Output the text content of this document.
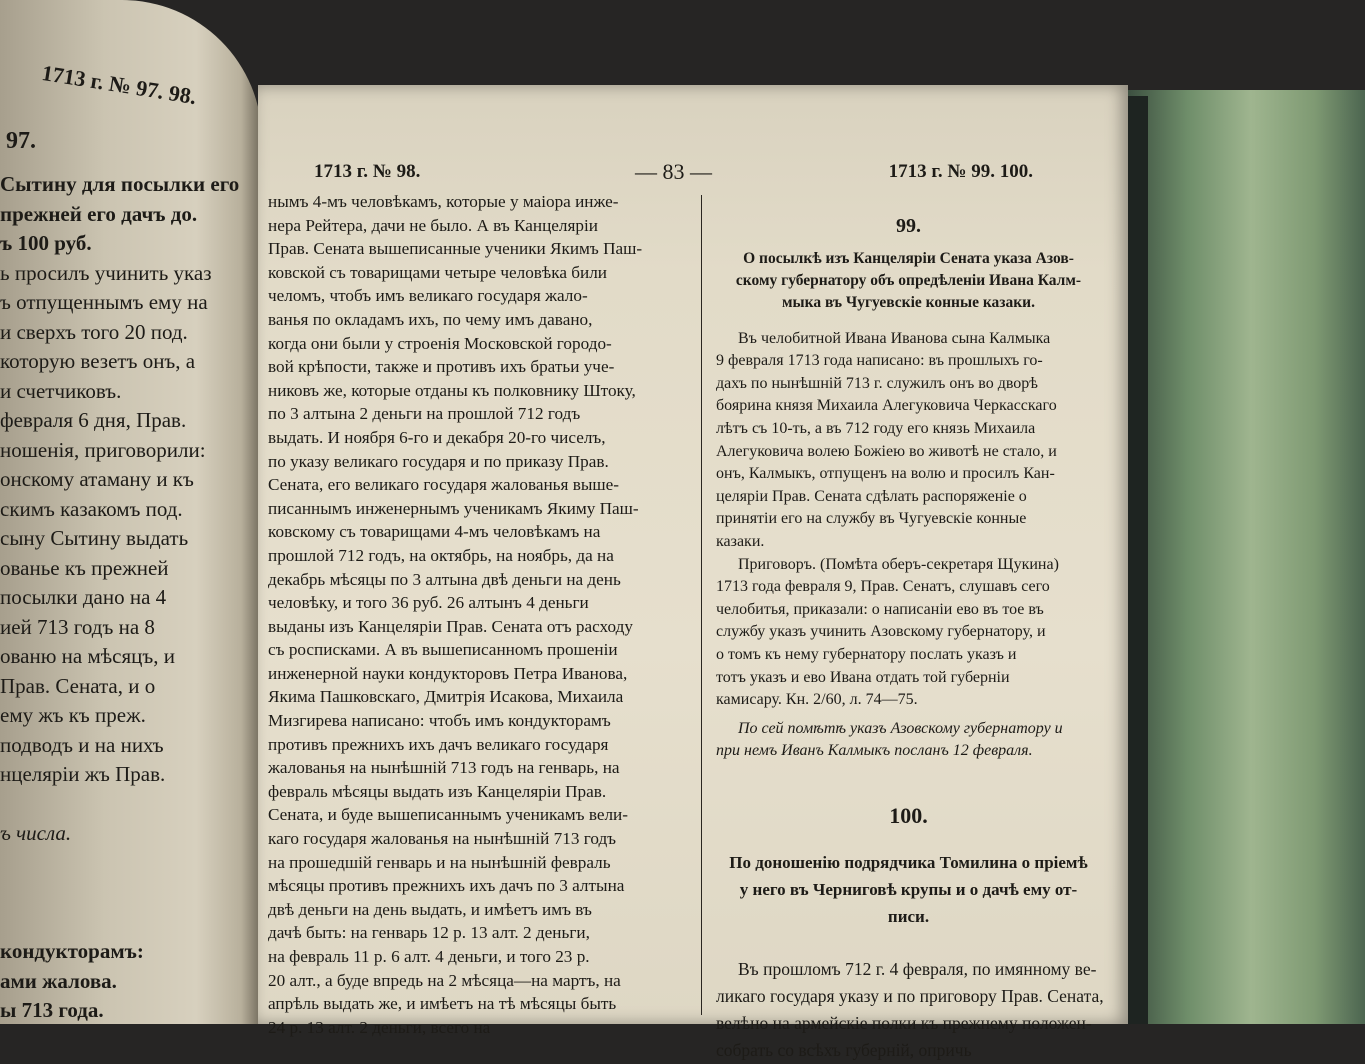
1713 г. № 97. 98.
97.
Сытину для посылки его
прежней его дачъ до.
ъ 100 руб.
ь просилъ учинить указ
ъ отпущеннымъ ему на
и сверхъ того 20 под.
которую везетъ онъ, а
и счетчиковъ.
февраля 6 дня, Прав.
ношенія, приговорили:
онскому атаману и къ
скимъ казакомъ под.
сыну Сытину выдать
ованье къ прежней
посылки дано на 4
ией 713 годъ на 8
ованю на мѣсяцъ, и
Прав. Сената, и о
ему жъ къ преж.
подводъ и на нихъ
нцеляріи жъ Прав.

ъ числа.

кондукторамъ:
ами жалова.
ы 713 года.
1713 г. № 98.	— 83 —	1713 г. № 99. 100.
нымъ 4-мъ человѣкамъ, которые у маіора инже-
нера Рейтера, дачи не было. А въ Канцеляріи
Прав. Сената вышеписанные ученики Якимъ Паш-
ковской съ товарищами четыре человѣка били
челомъ, чтобъ имъ великаго государя жало-
ванья по окладамъ ихъ, по чему имъ давано,
когда они были у строенія Московской городо-
вой крѣпости, также и противъ ихъ братьи уче-
никовъ же, которые отданы къ полковнику Штоку,
по 3 алтына 2 деньги на прошлой 712 годъ
выдать. И ноября 6-го и декабря 20-го чиселъ,
по указу великаго государя и по приказу Прав.
Сената, его великаго государя жалованья выше-
писаннымъ инженернымъ ученикамъ Якиму Паш-
ковскому съ товарищами 4-мъ человѣкамъ на
прошлой 712 годъ, на октябрь, на ноябрь, да на
декабрь мѣсяцы по 3 алтына двѣ деньги на день
человѣку, и того 36 руб. 26 алтынъ 4 деньги
выданы изъ Канцеляріи Прав. Сената отъ расходу
съ росписками. А въ вышеписанномъ прошеніи
инженерной науки кондукторовъ Петра Иванова,
Якима Пашковскаго, Дмитрія Исакова, Михаила
Мизгирева написано: чтобъ имъ кондукторамъ
противъ прежнихъ ихъ дачъ великаго государя
жалованья на нынѣшній 713 годъ на генварь, на
февраль мѣсяцы выдать изъ Канцеляріи Прав.
Сената, и буде вышеписаннымъ ученикамъ вели-
каго государя жалованья на нынѣшній 713 годъ
на прошедшій генварь и на нынѣшній февраль
мѣсяцы противъ прежнихъ ихъ дачъ по 3 алтына
двѣ деньги на день выдать, и имѣетъ имъ въ
дачѣ быть: на генварь 12 р. 13 алт. 2 деньги,
на февраль 11 р. 6 алт. 4 деньги, и того 23 р.
20 алт., а буде впредь на 2 мѣсяца—на мартъ, на
апрѣль выдать же, и имѣетъ на тѣ мѣсяцы быть
24 р. 13 алт. 2 деньги, всего на
99.
О посылкѣ изъ Канцеляріи Сената указа Азов-
скому губернатору объ опредѣленіи Ивана Калм-
мыка въ Чугуевскіе конные казаки.
Въ челобитной Ивана Иванова сына Калмыка
9 февраля 1713 года написано: въ прошлыхъ го-
дахъ по нынѣшній 713 г. служилъ онъ во дворѣ
боярина князя Михаила Алегуковича Черкасскаго
лѣтъ съ 10-ть, а въ 712 году его князь Михаила
Алегуковича волею Божіею во животѣ не стало, и
онъ, Калмыкъ, отпущенъ на волю и просилъ Кан-
целяріи Прав. Сената сдѣлать распоряженіе о
принятіи его на службу въ Чугуевскіе конные
казаки.
Приговоръ. (Помѣта оберъ-секретаря Щукина)
1713 года февраля 9, Прав. Сенатъ, слушавъ сего
челобитья, приказали: о написаніи ево въ тое въ
службу указъ учинить Азовскому губернатору, и
о томъ къ нему губернатору послать указъ и
тотъ указъ и ево Ивана отдать той губерніи
камисару. Кн. 2/60, л. 74—75.
По сей помѣтѣ указъ Азовскому губернатору и
при немъ Иванъ Калмыкъ посланъ 12 февраля.
100.
По доношенію подрядчика Томилина о пріемѣ
у него въ Черниговѣ крупы и о дачѣ ему от-
писи.
Въ прошломъ 712 г. 4 февраля, по имянному ве-
ликаго государя указу и по приговору Прав. Сената,
велѣно на армейскіе полки къ прежнему положен-
собрать со всѣхъ губерній, опричь
